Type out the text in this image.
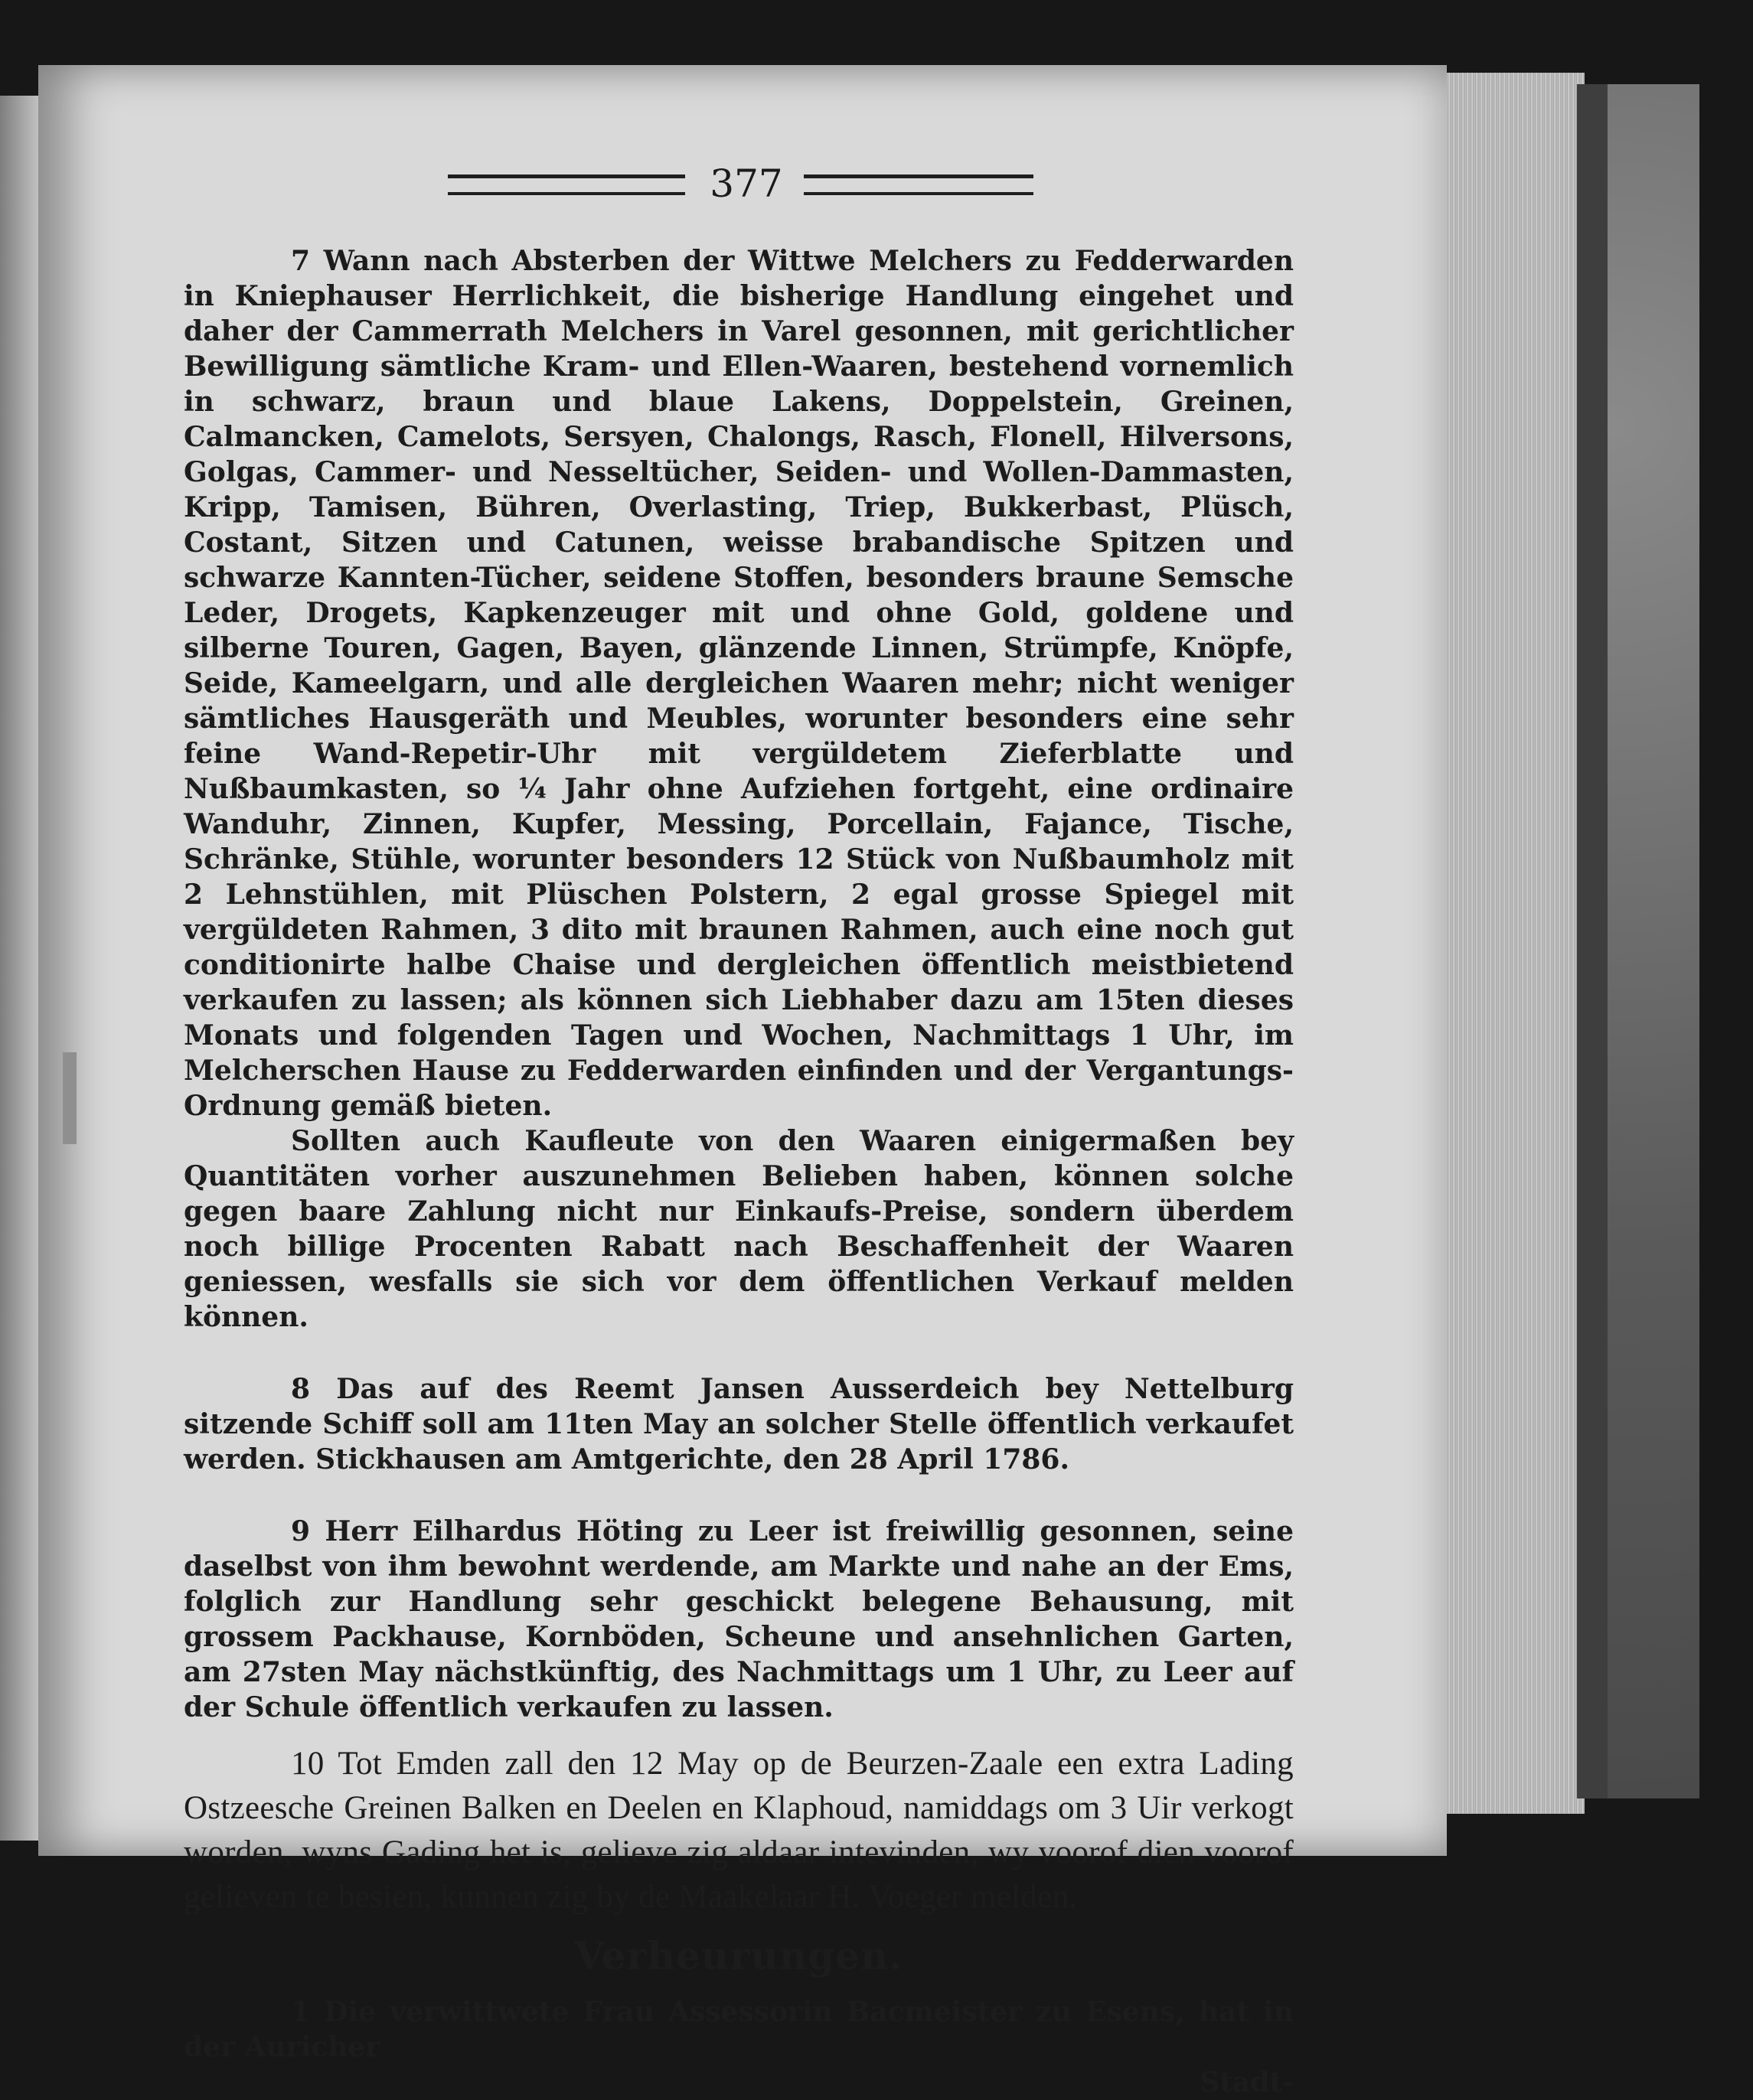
377

7 Wann nach Absterben der Wittwe Melchers zu Fedderwarden in Kniephauser Herrlichkeit, die bisherige Handlung eingehet und daher der Cammerrath Melchers in Varel gesonnen, mit gerichtlicher Bewilligung sämtliche Kram- und Ellen-Waaren, bestehend vornemlich in schwarz, braun und blaue Lakens, Doppelstein, Greinen, Calmancken, Camelots, Sersyen, Chalongs, Rasch, Flonell, Hilversons, Golgas, Cammer- und Nesseltücher, Seiden- und Wollen-Dammasten, Kripp, Tamisen, Bühren, Overlasting, Triep, Bukkerbast, Plüsch, Costant, Sitzen und Catunen, weisse brabandische Spitzen und schwarze Kannten-Tücher, seidene Stoffen, besonders braune Semsche Leder, Drogets, Kapkenzeuger mit und ohne Gold, goldene und silberne Touren, Gagen, Bayen, glänzende Linnen, Strümpfe, Knöpfe, Seide, Kameelgarn, und alle dergleichen Waaren mehr; nicht weniger sämtliches Hausgeräth und Meubles, worunter besonders eine sehr feine Wand-Repetir-Uhr mit vergüldetem Zieferblatte und Nußbaumkasten, so ¼ Jahr ohne Aufziehen fortgeht, eine ordinaire Wanduhr, Zinnen, Kupfer, Messing, Porcellain, Fajance, Tische, Schränke, Stühle, worunter besonders 12 Stück von Nußbaumholz mit 2 Lehnstühlen, mit Plüschen Polstern, 2 egal grosse Spiegel mit vergüldeten Rahmen, 3 dito mit braunen Rahmen, auch eine noch gut conditionirte halbe Chaise und dergleichen öffentlich meistbietend verkaufen zu lassen; als können sich Liebhaber dazu am 15ten dieses Monats und folgenden Tagen und Wochen, Nachmittags 1 Uhr, im Melcherschen Hause zu Fedderwarden einfinden und der Vergantungs-Ordnung gemäß bieten.

Sollten auch Kaufleute von den Waaren einigermaßen bey Quantitäten vorher auszunehmen Belieben haben, können solche gegen baare Zahlung nicht nur Einkaufs-Preise, sondern überdem noch billige Procenten Rabatt nach Beschaffenheit der Waaren geniessen, wesfalls sie sich vor dem öffentlichen Verkauf melden können.

8 Das auf des Reemt Jansen Ausserdeich bey Nettelburg sitzende Schiff soll am 11ten May an solcher Stelle öffentlich verkaufet werden. Stickhausen am Amtgerichte, den 28 April 1786.

9 Herr Eilhardus Höting zu Leer ist freiwillig gesonnen, seine daselbst von ihm bewohnt werdende, am Markte und nahe an der Ems, folglich zur Handlung sehr geschickt belegene Behausung, mit grossem Packhause, Kornböden, Scheune und ansehnlichen Garten, am 27sten May nächstkünftig, des Nachmittags um 1 Uhr, zu Leer auf der Schule öffentlich verkaufen zu lassen.

10 Tot Emden zall den 12 May op de Beurzen-Zaale een extra Lading Ostzeesche Greinen Balken en Deelen en Klaphoud, namiddags om 3 Uir verkogt worden, wyns Gading het is, gelieve zig aldaar intevinden, wy voorof dien voorof gelieven te besien, kunnen zig by de Maakelaar H. Voeger melden.

Verheurungen.

1 Die verwittwete Frau Assessorin Bacmeister zu Esens, hat in der Auricher

Stadt-
